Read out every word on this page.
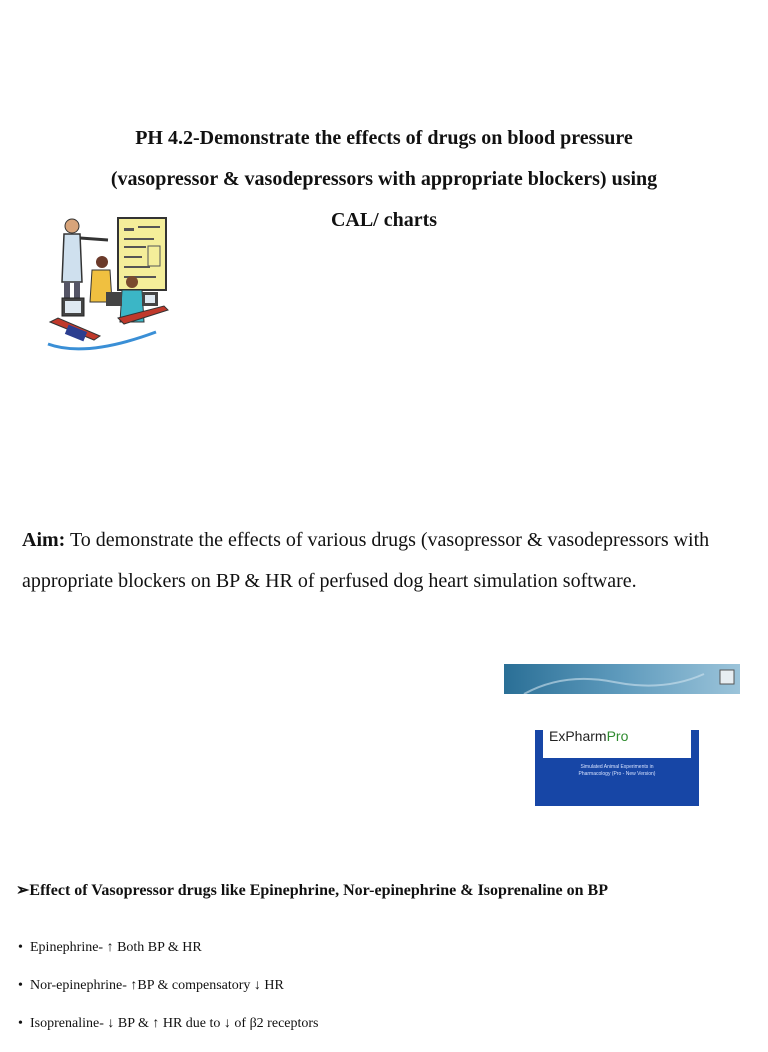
PH 4.2-Demonstrate the effects of drugs on blood pressure
(vasopressor & vasodepressors with appropriate blockers) using
CAL/ charts
Aim: To demonstrate the effects of various drugs (vasopressor & vasodepressors with appropriate blockers on BP & HR of perfused dog heart simulation software.
ExPharmPro
Simulated Animal Experiments in
Pharmacology (Pro - New Version)
➢Effect of Vasopressor drugs like Epinephrine, Nor-epinephrine & Isoprenaline on BP
• Epinephrine- ↑ Both BP & HR
• Nor-epinephrine- ↑BP & compensatory ↓ HR
• Isoprenaline- ↓ BP & ↑ HR due to ↓ of β2 receptors
